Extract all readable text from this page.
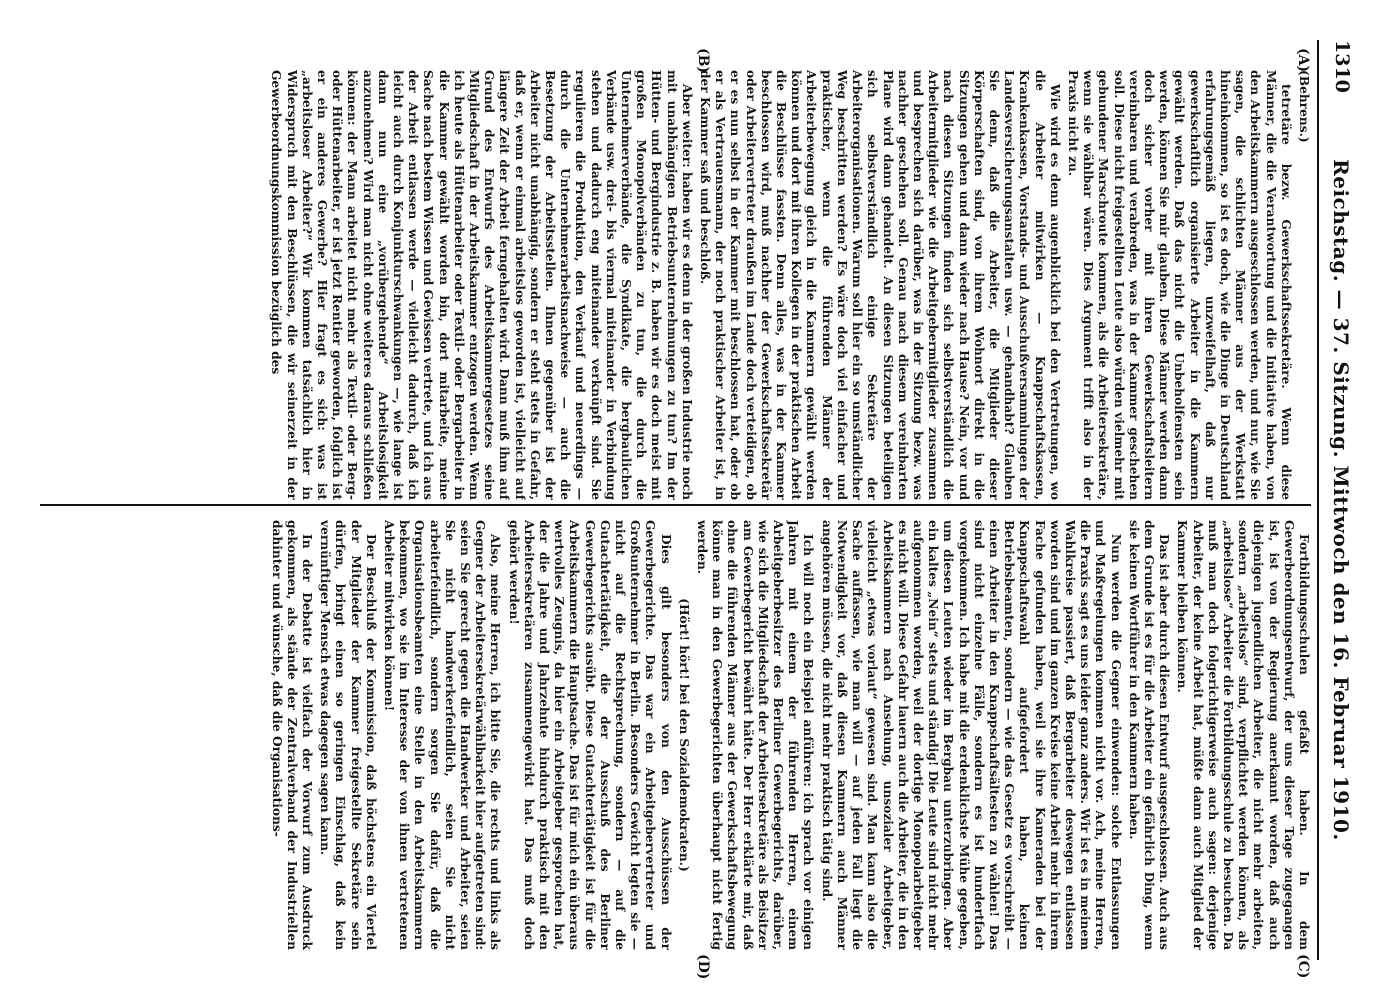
1310
Reichstag. — 37. Sitzung. Mittwoch den 16. Februar 1910.
(A)
(B)
(C)
(D)

(Behrens.)

tetretäre bezw. Gewerkschaftssekretäre. Wenn diese Männer, die die Verantwortung und die Initiative haben, von den Arbeitskammern ausgeschlossen werden, und nur, wie Sie sagen, die schlichten Männer aus der Werkstatt hineinkommen, so ist es doch, wie die Dinge in Deutschland erfahrungsgemäß liegen, unzweifelhaft, daß nur gewerkschaftlich organisierte Arbeiter in die Kammern gewählt werden. Daß das nicht die Unbeholfensten sein werden, können Sie mir glauben. Diese Männer werden dann doch sicher vorher mit ihren Gewerkschaftsleitern vereinbaren und verabreden, was in der Kammer geschehen soll. Diese nicht freigestellten Leute also würden vielmehr mit gebundener Marschroute kommen, als die Arbeitersekretäre, wenn sie wählbar wären. Dies Argument trifft also in der Praxis nicht zu.

Wie wird es denn augenblicklich bei den Vertretungen, wo die Arbeiter mitwirken — Knappschaftskassen, Krankenkassen, Vorstands- und Ausschußversammlungen der Landesversicherungsanstalten usw. — gehandhabt? Glauben Sie denn, daß die Arbeiter, die Mitglieder dieser Körperschaften sind, von ihrem Wohnort direkt in die Sitzungen gehen und dann wieder nach Hause? Nein, vor und nach diesen Sitzungen finden sich selbstverständlich die Arbeitermitglieder wie die Arbeitgebermitglieder zusammen und besprechen sich darüber, was in der Sitzung bezw. was nachher geschehen soll. Genau nach diesem vereinbarten Plane wird dann gehandelt. An diesen Sitzungen beteiligen sich selbstverständlich einige Sekretäre der Arbeiterorganisationen. Warum soll hier ein so umständlicher Weg beschritten werden? Es wäre doch viel einfacher und praktischer, wenn die führenden Männer der Arbeiterbewegung gleich in die Kammern gewählt werden können und dort mit ihren Kollegen in der praktischen Arbeit die Beschlüsse fassten. Denn alles, was in der Kammer beschlossen wird, muß nachher der Gewerkschaftssekretär oder Arbeitervertreter draußen im Lande doch verteidigen, ob er es nun selbst in der Kammer mit beschlossen hat, oder ob er als Vertrauensmann, der noch praktischer Arbeiter ist, in der Kammer saß und beschloß.

Aber weiter: haben wir es denn in der großen Industrie noch mit unabhängigen Betriebsunternehmungen zu tun? Im der Hütten- und Bergindustrie z. B. haben wir es doch meist mit großen Monopolverbänden zu tun, die durch die Unternehmerverbände, die Syndikate, die bergbaulichen Verbände usw. drei- bis viermal miteinander in Verbindung stehen und dadurch eng miteinander verknüpft sind. Sie regulieren die Produktion, den Verkauf und neuerdings — durch die Unternehmerarbeitsnachweise — auch die Besetzung der Arbeitsstellen. Ihnen gegenüber ist der Arbeiter nicht unabhängig, sondern er steht stets in Gefahr, daß er, wenn er einmal arbeitslos geworden ist, vielleicht auf längere Zeit der Arbeit ferngehalten wird. Dann muß ihm auf Grund des Entwurfs des Arbeitskammergesetzes seine Mitgliedschaft in der Arbeitskammer entzogen werden. Wenn ich heute als Hüttenarbeiter oder Textil- oder Bergarbeiter in die Kammer gewählt worden bin, dort mitarbeite, meine Sache nach bestem Wissen und Gewissen vertrete, und ich aus der Arbeit entlassen werde — vielleicht dadurch, daß ich leicht auch durch Konjunkturschwankungen —, wie lange ist dann nun eine „vorübergehende“ Arbeitslosigkeit anzunehmen? Wird man nicht ohne weiteres daraus schließen können: der Mann arbeitet nicht mehr als Textil- oder Berg- oder Hüttenarbeiter, er ist jetzt Rentier geworden, folglich ist er ein anderes Gewerbe? Hier fragt es sich: was ist „arbeitsloser Arbeiter?“ Wir kommen tatsächlich hier in Widerspruch mit den Beschlüssen, die wir seinerzeit in der Gewerbeordnungskommission bezüglich des

Fortbildungsschulen gefaßt haben. In dem Gewerbeordnungsentwurf, der uns dieser Tage zugegangen ist, ist von der Regierung anerkannt worden, daß auch diejenigen jugendlichen Arbeiter, die nicht mehr arbeiten, sondern „arbeitslos“ sind, verpflichtet werden können, als „arbeitslose“ Arbeiter die Fortbildungsschule zu besuchen. Da muß man doch folgerichtigerweise auch sagen: derjenige Arbeiter, der keine Arbeit hat, müßte dann auch Mitglied der Kammer bleiben können.

Das ist aber durch diesen Entwurf ausgeschlossen. Auch aus dem Grunde ist es für die Arbeiter ein gefährlich Ding, wenn sie keinen Wortführer in den Kammern haben.

Nun werden die Gegner einwenden: solche Entlassungen und Maßregelungen kommen nicht vor. Ach, meine Herren, die Praxis sagt es uns leider ganz anders. Wir ist es in meinem Wahlkreise passiert, daß Bergarbeiter deswegen entlassen worden sind und im ganzen Kreise keine Arbeit mehr in ihrem Fache gefunden haben, weil sie ihre Kameraden bei der Knappschaftswahl aufgefordert haben, keinen Betriebsbeamten, sondern — wie das Gesetz es vorschreibt — einen Arbeiter in den Knappschaftsältesten zu wählen! Das sind nicht einzelne Fälle, sondern es ist hundertfach vorgekommen. Ich habe mit die erdenklichste Mühe gegeben, um diesen Leuten wieder im Bergbau unterzubringen. Aber ein kaltes „Nein“ stets und ständig! Die Leute sind nicht mehr aufgenommen worden, weil der dortige Monopolarbeitgeber es nicht will. Diese Gefahr lauern auch die Arbeiter, die in den Arbeitskammern nach Ansehung, unsozialer Arbeitgeber, vielleicht „etwas vorlaut“ gewesen sind. Man kann also die Sache auffassen, wie man will — auf jeden Fall liegt die Notwendigkeit vor, daß diesen Kammern auch Männer angehören müssen, die nicht mehr praktisch tätig sind.

Ich will noch ein Beispiel anführen: ich sprach vor einigen Jahren mit einem der führenden Herren, einem Arbeitgeberbesitzer des Berliner Gewerbegerichts, darüber, wie sich die Mitgliedschaft der Arbeitersekretäre als Beisitzer am Gewerbegericht bewährt hätte. Der Herr erklärte mir, daß ohne die führenden Männer aus der Gewerkschaftsbewegung könne man in den Gewerbegerichten überhaupt nicht fertig werden.

(Hört! hört! bei den Sozialdemokraten.)

Dies gilt besonders von den Ausschüssen der Gewerbegerichte. Das war ein Arbeitgebervertreter und Großunternehmer in Berlin. Besonders Gewicht legten sie — nicht auf die Rechtsprechung, sondern — auf die Gutachtertätigkeit, die der Ausschuß des Berliner Gewerbegerichts ausübt. Diese Gutachtertätigkeit ist für die Arbeitskammern die Hauptsache. Das ist für mich ein überaus wertvolles Zeugnis, da hier ein Arbeitgeber gesprochen hat, der die Jahre und Jahrzehnte hindurch praktisch mit den Arbeitersekretären zusammengewirkt hat. Das muß doch gehört werden!

Also, meine Herren, ich bitte Sie, die rechts und links als Gegner der Arbeitersekretärwählbarkeit hier aufgetreten sind: seien Sie gerecht gegen die Handwerker und Arbeiter, seien Sie nicht handwerkerfeindlich, seien Sie nicht arbeiterfeindlich, sondern sorgen Sie dafür, daß die Organisationsbeamten eine Stelle in den Arbeitskammern bekommen, wo sie im Interesse der von ihnen vertretenen Arbeiter mitwirken können!

Der Beschluß der Kommission, daß höchstens ein Viertel der Mitglieder der Kammer freigestellte Sekretäre sein dürfen, bringt einen so geringen Einschlag, daß kein vernünftiger Mensch etwas dagegen sagen kann.

In der Debatte ist vielfach der Vorwurf zum Ausdruck gekommen, als stände der Zentralverband der Industriellen dahinter und wünsche, daß die Organisations-
